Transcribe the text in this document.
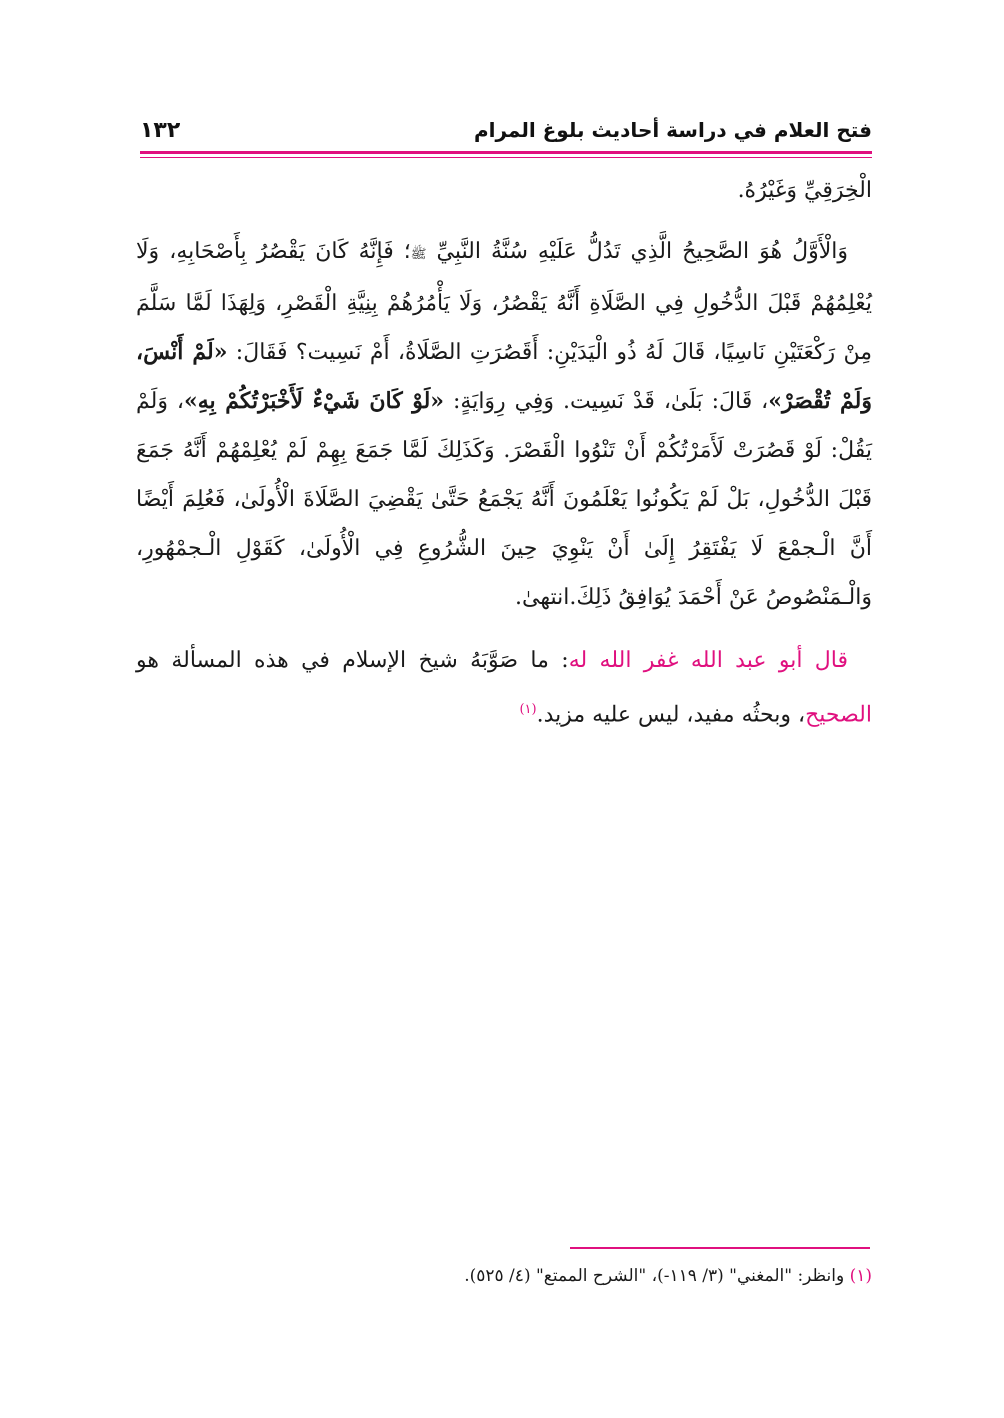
فتح العلام في دراسة أحاديث بلوغ المرام
١٣٢

الْخِرَقِيِّ وَغَيْرُهُ.

وَالْأَوَّلُ هُوَ الصَّحِيحُ الَّذِي تَدُلُّ عَلَيْهِ سُنَّةُ النَّبِيِّ ﷺ؛ فَإِنَّهُ كَانَ يَقْصُرُ بِأَصْحَابِهِ، وَلَا يُعْلِمُهُمْ قَبْلَ الدُّخُولِ فِي الصَّلَاةِ أَنَّهُ يَقْصُرُ، وَلَا يَأْمُرُهُمْ بِنِيَّةِ الْقَصْرِ، وَلِهَذَا لَمَّا سَلَّمَ مِنْ رَكْعَتَيْنِ نَاسِيًا، قَالَ لَهُ ذُو الْيَدَيْنِ: أَقَصُرَتِ الصَّلَاةُ، أَمْ نَسِيت؟ فَقَالَ: «لَمْ أَنْسَ، وَلَمْ تُقْصَرْ»، قَالَ: بَلَىٰ، قَدْ نَسِيت. وَفِي رِوَايَةٍ: «لَوْ كَانَ شَيْءٌ لَأَخْبَرْتُكُمْ بِهِ»، وَلَمْ يَقُلْ: لَوْ قَصُرَتْ لَأَمَرْتُكُمْ أَنْ تَنْوُوا الْقَصْرَ. وَكَذَلِكَ لَمَّا جَمَعَ بِهِمْ لَمْ يُعْلِمْهُمْ أَنَّهُ جَمَعَ قَبْلَ الدُّخُولِ، بَلْ لَمْ يَكُونُوا يَعْلَمُونَ أَنَّهُ يَجْمَعُ حَتَّىٰ يَقْضِيَ الصَّلَاةَ الْأُولَىٰ، فَعُلِمَ أَيْضًا أَنَّ الْـجمْعَ لَا يَفْتَقِرُ إِلَىٰ أَنْ يَنْوِيَ حِينَ الشُّرُوعِ فِي الْأُولَىٰ، كَقَوْلِ الْـجمْهُورِ، وَالْـمَنْصُوصُ عَنْ أَحْمَدَ يُوَافِقُ ذَلِكَ.انتهىٰ.

قال أبو عبد الله غفر الله له: ما صَوَّبَهُ شيخ الإسلام في هذه المسألة هو الصحيح، وبحثُه مفيد، ليس عليه مزيد.$^{(١)}$

(١) وانظر: "المغني" (٣/ ١١٩-)، "الشرح الممتع" (٤/ ٥٢٥).
